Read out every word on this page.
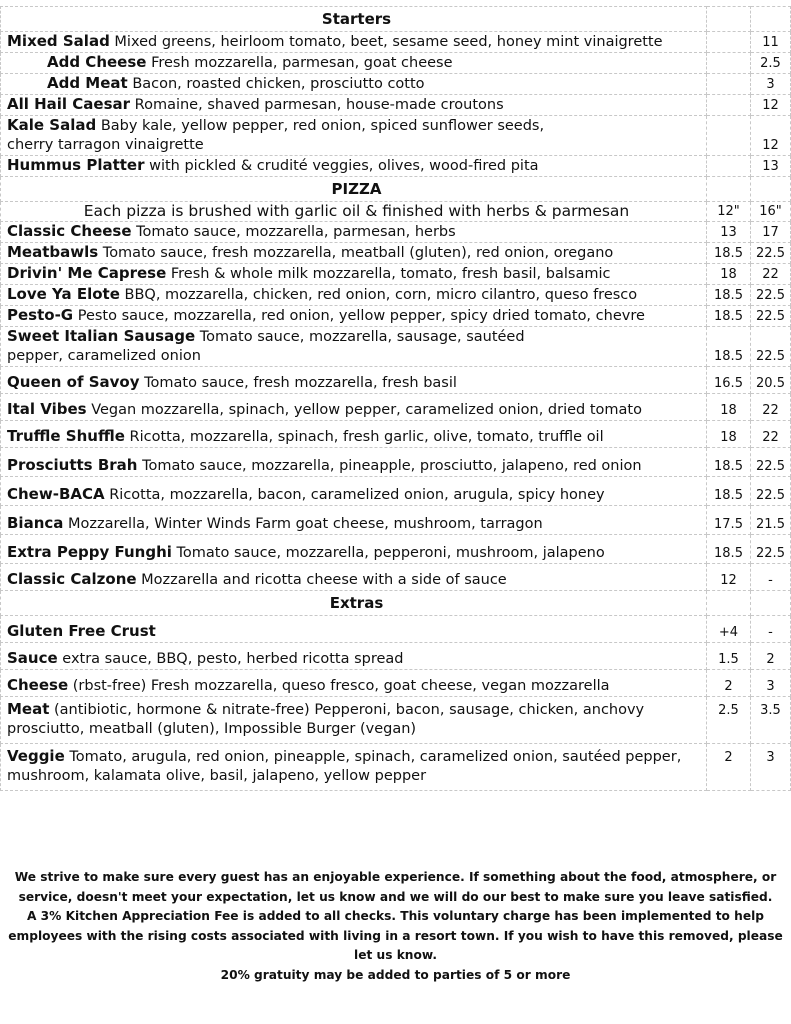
Starters		
Mixed Salad Mixed greens, heirloom tomato, beet, sesame seed, honey mint vinaigrette		11
Add Cheese Fresh mozzarella, parmesan, goat cheese		2.5
Add Meat Bacon, roasted chicken, prosciutto cotto		3
All Hail Caesar Romaine, shaved parmesan, house-made croutons		12
Kale Salad Baby kale, yellow pepper, red onion, spiced sunflower seeds, cherry tarragon vinaigrette		12
Hummus Platter with pickled & crudité veggies, olives, wood-fired pita		13
PIZZA		
Each pizza is brushed with garlic oil & finished with herbs & parmesan	12"	16"
Classic Cheese Tomato sauce, mozzarella, parmesan, herbs	13	17
Meatbawls Tomato sauce, fresh mozzarella, meatball (gluten), red onion, oregano	18.5	22.5
Drivin' Me Caprese Fresh & whole milk mozzarella, tomato, fresh basil, balsamic	18	22
Love Ya Elote BBQ, mozzarella, chicken, red onion, corn, micro cilantro, queso fresco	18.5	22.5
Pesto-G Pesto sauce, mozzarella, red onion, yellow pepper, spicy dried tomato, chevre	18.5	22.5
Sweet Italian Sausage Tomato sauce, mozzarella, sausage, sautéed pepper, caramelized onion	18.5	22.5
Queen of Savoy Tomato sauce, fresh mozzarella, fresh basil	16.5	20.5
Ital Vibes Vegan mozzarella, spinach, yellow pepper, caramelized onion, dried tomato	18	22
Truffle Shuffle Ricotta, mozzarella, spinach, fresh garlic, olive, tomato, truffle oil	18	22
Prosciutts Brah Tomato sauce, mozzarella, pineapple, prosciutto, jalapeno, red onion	18.5	22.5
Chew-BACA Ricotta, mozzarella, bacon, caramelized onion, arugula, spicy honey	18.5	22.5
Bianca Mozzarella, Winter Winds Farm goat cheese, mushroom, tarragon	17.5	21.5
Extra Peppy Funghi Tomato sauce, mozzarella, pepperoni, mushroom, jalapeno	18.5	22.5
Classic Calzone Mozzarella and ricotta cheese with a side of sauce	12	-
Extras		
Gluten Free Crust	+4	-
Sauce extra sauce, BBQ, pesto, herbed ricotta spread	1.5	2
Cheese (rbst-free) Fresh mozzarella, queso fresco, goat cheese, vegan mozzarella	2	3
Meat (antibiotic, hormone & nitrate-free) Pepperoni, bacon, sausage, chicken, anchovy prosciutto, meatball (gluten), Impossible Burger (vegan)	2.5	3.5
Veggie Tomato, arugula, red onion, pineapple, spinach, caramelized onion, sautéed pepper, mushroom, kalamata olive, basil, jalapeno, yellow pepper	2	3
We strive to make sure every guest has an enjoyable experience. If something about the food, atmosphere, or service, doesn't meet your expectation, let us know and we will do our best to make sure you leave satisfied.
A 3% Kitchen Appreciation Fee is added to all checks. This voluntary charge has been implemented to help employees with the rising costs associated with living in a resort town. If you wish to have this removed, please let us know.
20% gratuity may be added to parties of 5 or more
